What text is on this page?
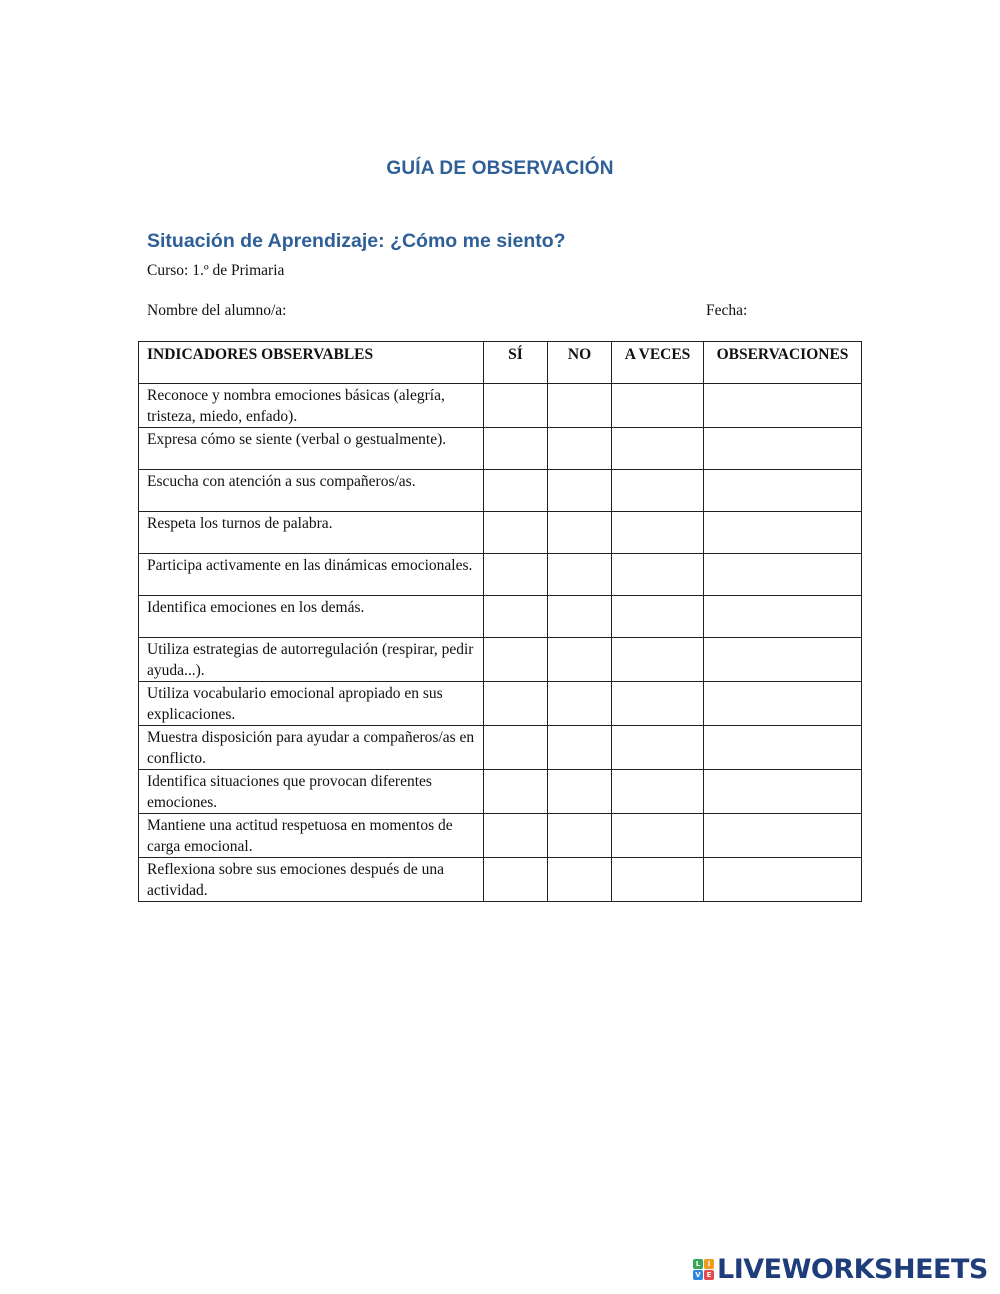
GUÍA DE OBSERVACIÓN
Situación de Aprendizaje: ¿Cómo me siento?
Curso: 1.º de Primaria
Nombre del alumno/a:	Fecha:
INDICADORES OBSERVABLES	SÍ	NO	A VECES	OBSERVACIONES
Reconoce y nombra emociones básicas (alegría, tristeza, miedo, enfado).				
Expresa cómo se siente (verbal o gestualmente).				
Escucha con atención a sus compañeros/as.				
Respeta los turnos de palabra.				
Participa activamente en las dinámicas emocionales.				
Identifica emociones en los demás.				
Utiliza estrategias de autorregulación (respirar, pedir ayuda...).				
Utiliza vocabulario emocional apropiado en sus explicaciones.				
Muestra disposición para ayudar a compañeros/as en conflicto.				
Identifica situaciones que provocan diferentes emociones.				
Mantiene una actitud respetuosa en momentos de carga emocional.				
Reflexiona sobre sus emociones después de una actividad.				
L	I
V E LIVEWORKSHEETS
